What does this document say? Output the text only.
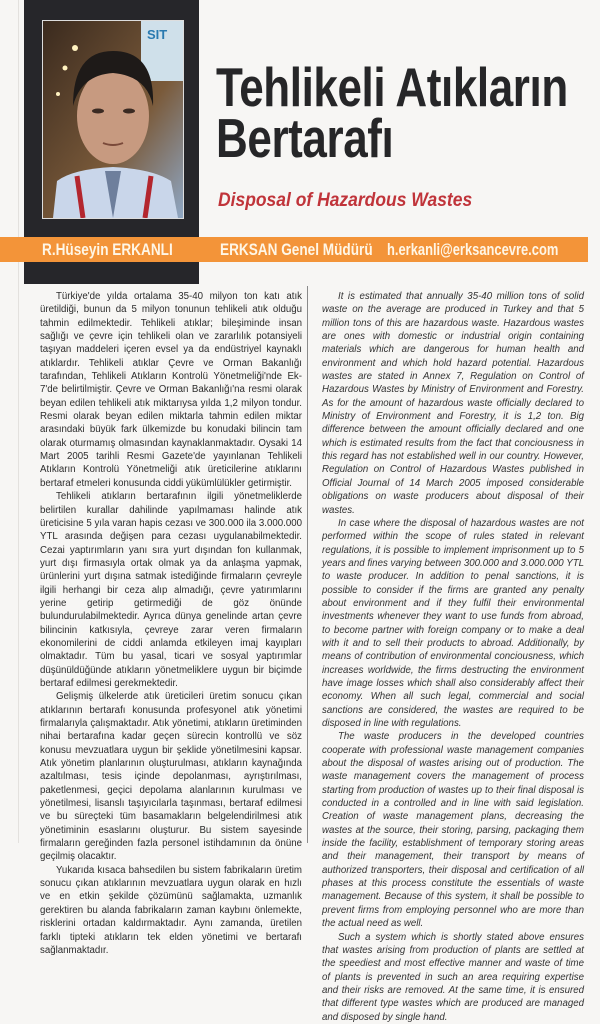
SIT
Tehlikeli Atıkların
Bertarafı
Disposal of Hazardous Wastes
R.Hüseyin ERKANLI	ERKSAN Genel Müdürü h.erkanli@erksancevre.com

Türkiye'de yılda ortalama 35-40 milyon ton katı atık üretildiği, bunun da 5 milyon tonunun tehlikeli atık olduğu tahmin edilmektedir. Tehlikeli atıklar; bileşiminde insan sağlığı ve çevre için tehlikeli olan ve zararlılık potansiyeli taşıyan maddeleri içeren evsel ya da endüstriyel kaynaklı atıklardır. Tehlikeli atıklar Çevre ve Orman Bakanlığı tarafından, Tehlikeli Atıkların Kontrolü Yönetmeliği'nde Ek-7'de belirtilmiştir. Çevre ve Orman Bakanlığı'na resmi olarak beyan edilen tehlikeli atık miktarıysa yılda 1,2 milyon tondur. Resmi olarak beyan edilen miktarla tahmin edilen miktar arasındaki büyük fark ülkemizde bu konudaki bilincin tam olarak oturmamış olmasından kaynaklanmaktadır. Oysaki 14 Mart 2005 tarihli Resmi Gazete'de yayınlanan Tehlikeli Atıkların Kontrolü Yönetmeliği atık üreticilerine atıklarını bertaraf etmeleri konusunda ciddi yükümlülükler getirmiştir.

Tehlikeli atıkların bertarafının ilgili yönetmeliklerde belirtilen kurallar dahilinde yapılmaması halinde atık üreticisine 5 yıla varan hapis cezası ve 300.000 ila 3.000.000 YTL arasında değişen para cezası uygulanabilmektedir. Cezai yaptırımların yanı sıra yurt dışından fon kullanmak, yurt dışı firmasıyla ortak olmak ya da anlaşma yapmak, ürünlerini yurt dışına satmak istediğinde firmaların çevreyle ilgili herhangi bir ceza alıp almadığı, çevre yatırımlarını yerine getirip getirmediği de göz önünde bulundurulabilmektedir. Ayrıca dünya genelinde artan çevre bilincinin katkısıyla, çevreye zarar veren firmaların ekonomilerini de ciddi anlamda etkileyen imaj kayıpları olmaktadır. Tüm bu yasal, ticari ve sosyal yaptırımlar düşünüldüğünde atıkların yönetmeliklere uygun bir biçimde bertaraf edilmesi gerekmektedir.

Gelişmiş ülkelerde atık üreticileri üretim sonucu çıkan atıklarının bertarafı konusunda profesyonel atık yönetimi firmalarıyla çalışmaktadır. Atık yönetimi, atıkların üretiminden nihai bertarafına kadar geçen sürecin kontrollü ve söz konusu mevzuatlara uygun bir şeklide yönetilmesini kapsar. Atık yönetim planlarının oluşturulması, atıkların kaynağında azaltılması, tesis içinde depolanması, ayrıştırılması, paketlenmesi, geçici depolama alanlarının kurulması ve yönetilmesi, lisanslı taşıyıcılarla taşınması, bertaraf edilmesi ve bu süreçteki tüm basamakların belgelendirilmesi atık yönetiminin esaslarını oluşturur. Bu sistem sayesinde firmaların gereğinden fazla personel istihdamının da önüne geçilmiş olacaktır.

Yukarıda kısaca bahsedilen bu sistem fabrikaların üretim sonucu çıkan atıklarının mevzuatlara uygun olarak en hızlı ve en etkin şekilde çözümünü sağlamakta, uzmanlık gerektiren bu alanda fabrikaların zaman kaybını önlemekte, risklerini ortadan kaldırmaktadır. Aynı zamanda, üretilen farklı tipteki atıkların tek elden yönetimi ve bertarafı sağlanmaktadır.

It is estimated that annually 35-40 million tons of solid waste on the average are produced in Turkey and that 5 million tons of this are hazardous waste. Hazardous wastes are ones with domestic or industrial origin containing materials which are dangerous for human health and environment and which hold hazard potential. Hazardous wastes are stated in Annex 7, Regulation on Control of Hazardous Wastes by Ministry of Environment and Forestry. As for the amount of hazardous waste officially declared to Ministry of Environment and Forestry, it is 1,2 ton. Big difference between the amount officially declared and one which is estimated results from the fact that conciousness in this regard has not established well in our country. However, Regulation on Control of Hazardous Wastes published in Official Journal of 14 March 2005 imposed considerable obligations on waste producers about disposal of their wastes.

In case where the disposal of hazardous wastes are not performed within the scope of rules stated in relevant regulations, it is possible to implement imprisonment up to 5 years and fines varying between 300.000 and 3.000.000 YTL to waste producer. In addition to penal sanctions, it is possible to consider if the firms are granted any penalty about environment and if they fulfil their environmental investments whenever they want to use funds from abroad, to become partner with foreign company or to make a deal with it and to sell their products to abroad. Additionally, by means of contribution of environmental conciousness, which increases worldwide, the firms destructing the environment have image losses which shall also considerably affect their economy. When all such legal, commercial and social sanctions are considered, the wastes are required to be disposed in line with regulations.

The waste producers in the developed countries cooperate with professional waste management companies about the disposal of wastes arising out of production. The waste management covers the management of process starting from production of wastes up to their final disposal is conducted in a controlled and in line with said legislation. Creation of waste management plans, decreasing the wastes at the source, their storing, parsing, packaging them inside the facility, establishment of temporary storing areas and their management, their transport by means of authorized transporters, their disposal and certification of all phases at this process constitute the essentials of waste management. Because of this system, it shall be possible to prevent firms from employing personnel who are more than the actual need as well.

Such a system which is shortly stated above ensures that wastes arising from production of plants are settled at the speediest and most effective manner and waste of time of plants is prevented in such an area requiring expertise and their risks are removed. At the same time, it is ensured that different type wastes which are produced are managed and disposed by single hand.
